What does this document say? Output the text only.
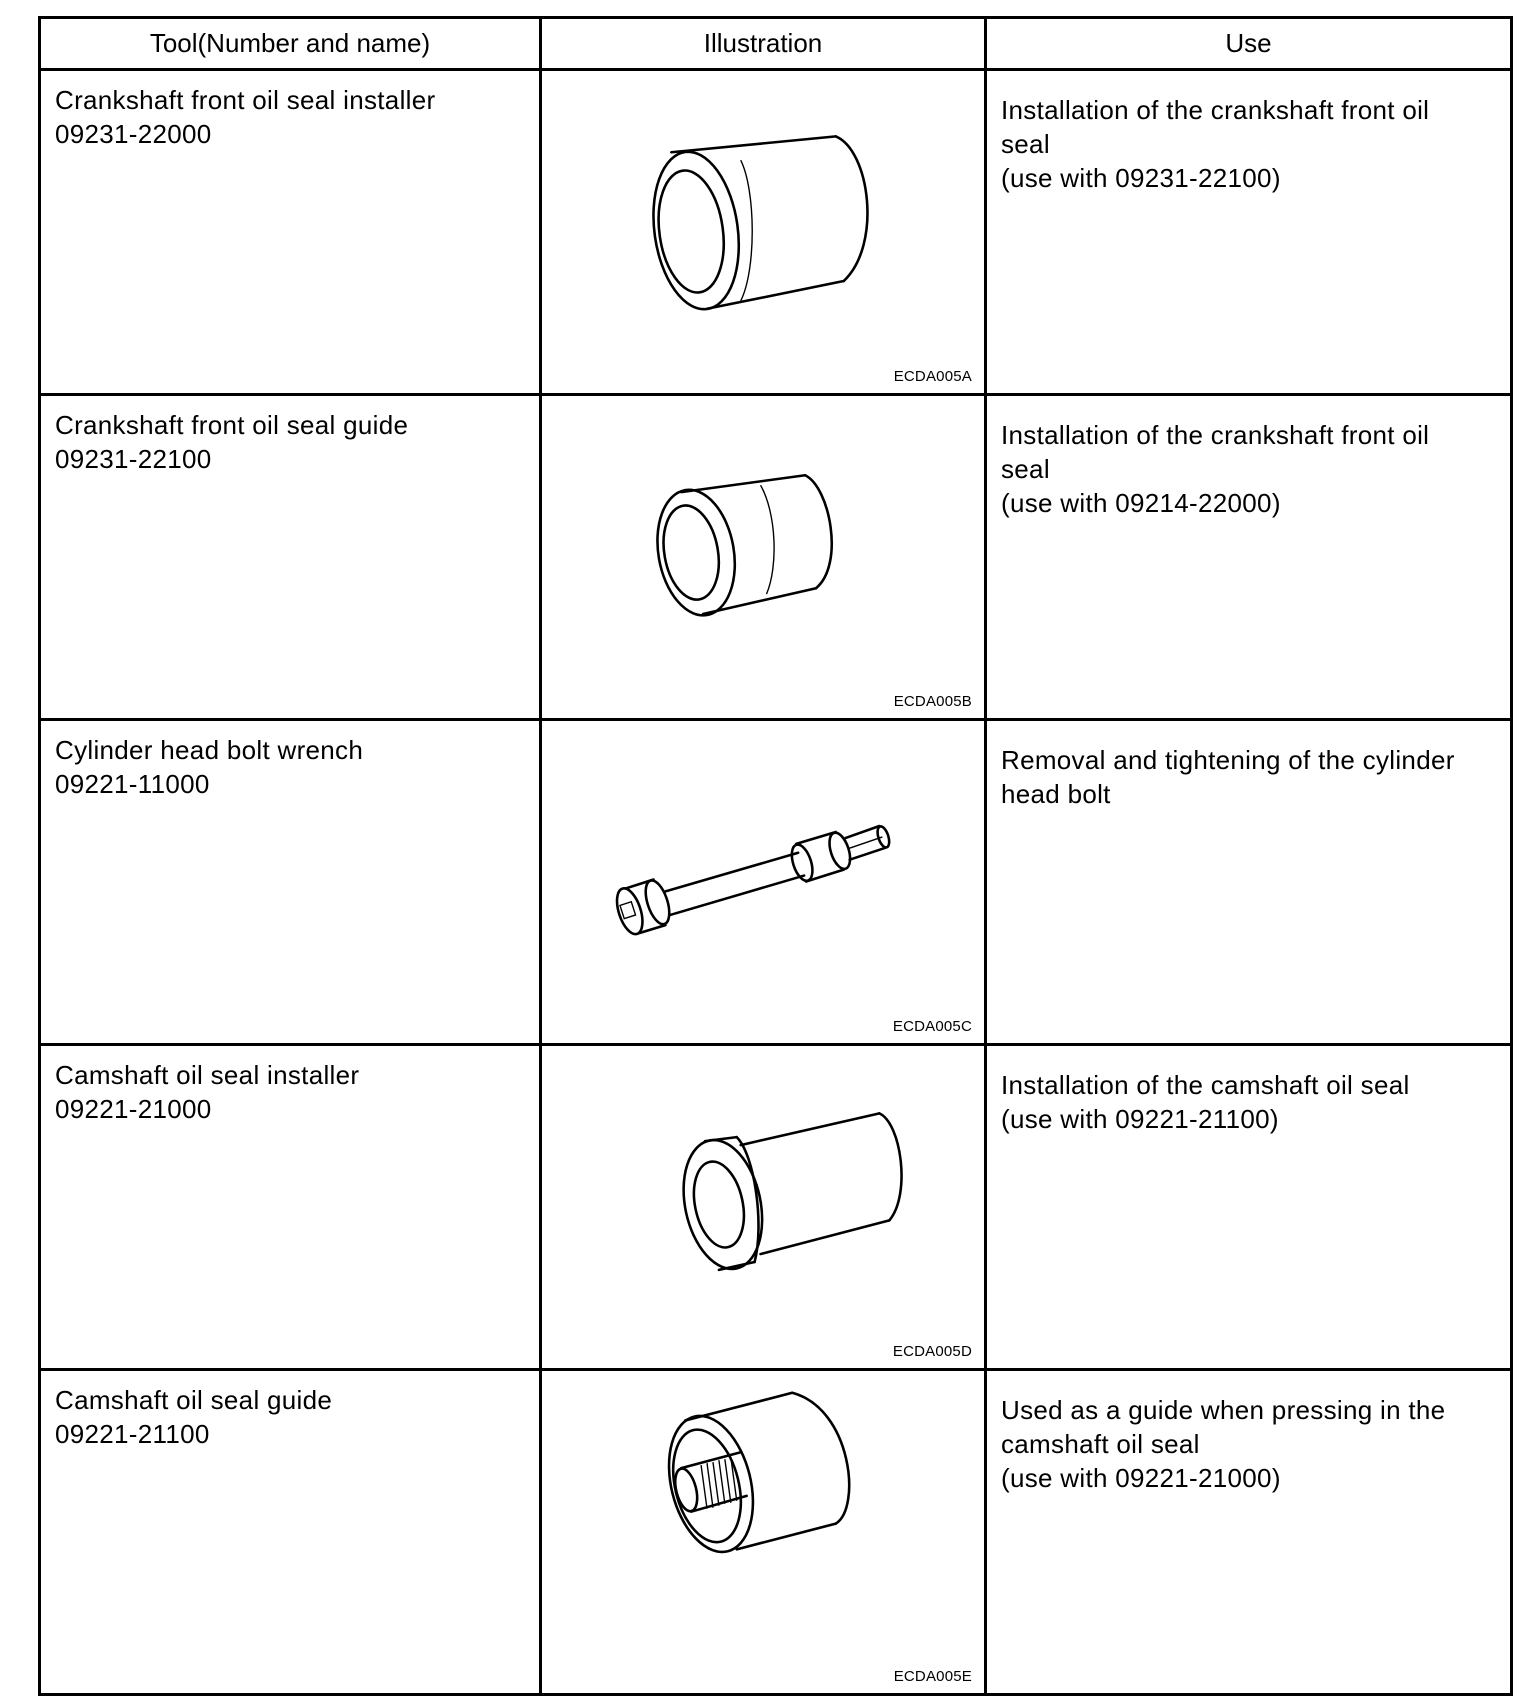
Tool(Number and name)	Illustration	Use

Crankshaft front oil seal installer
09231-22000	ECDA005A	Installation of the crankshaft front oil
seal
(use with 09231-22100)

Crankshaft front oil seal guide
09231-22100	ECDA005B	Installation of the crankshaft front oil
seal
(use with 09214-22000)

Cylinder head bolt wrench
09221-11000	ECDA005C	Removal and tightening of the cylinder
head bolt

Camshaft oil seal installer
09221-21000	ECDA005D	Installation of the camshaft oil seal
(use with 09221-21100)

Camshaft oil seal guide
09221-21100	ECDA005E	Used as a guide when pressing in the
camshaft oil seal
(use with 09221-21000)
